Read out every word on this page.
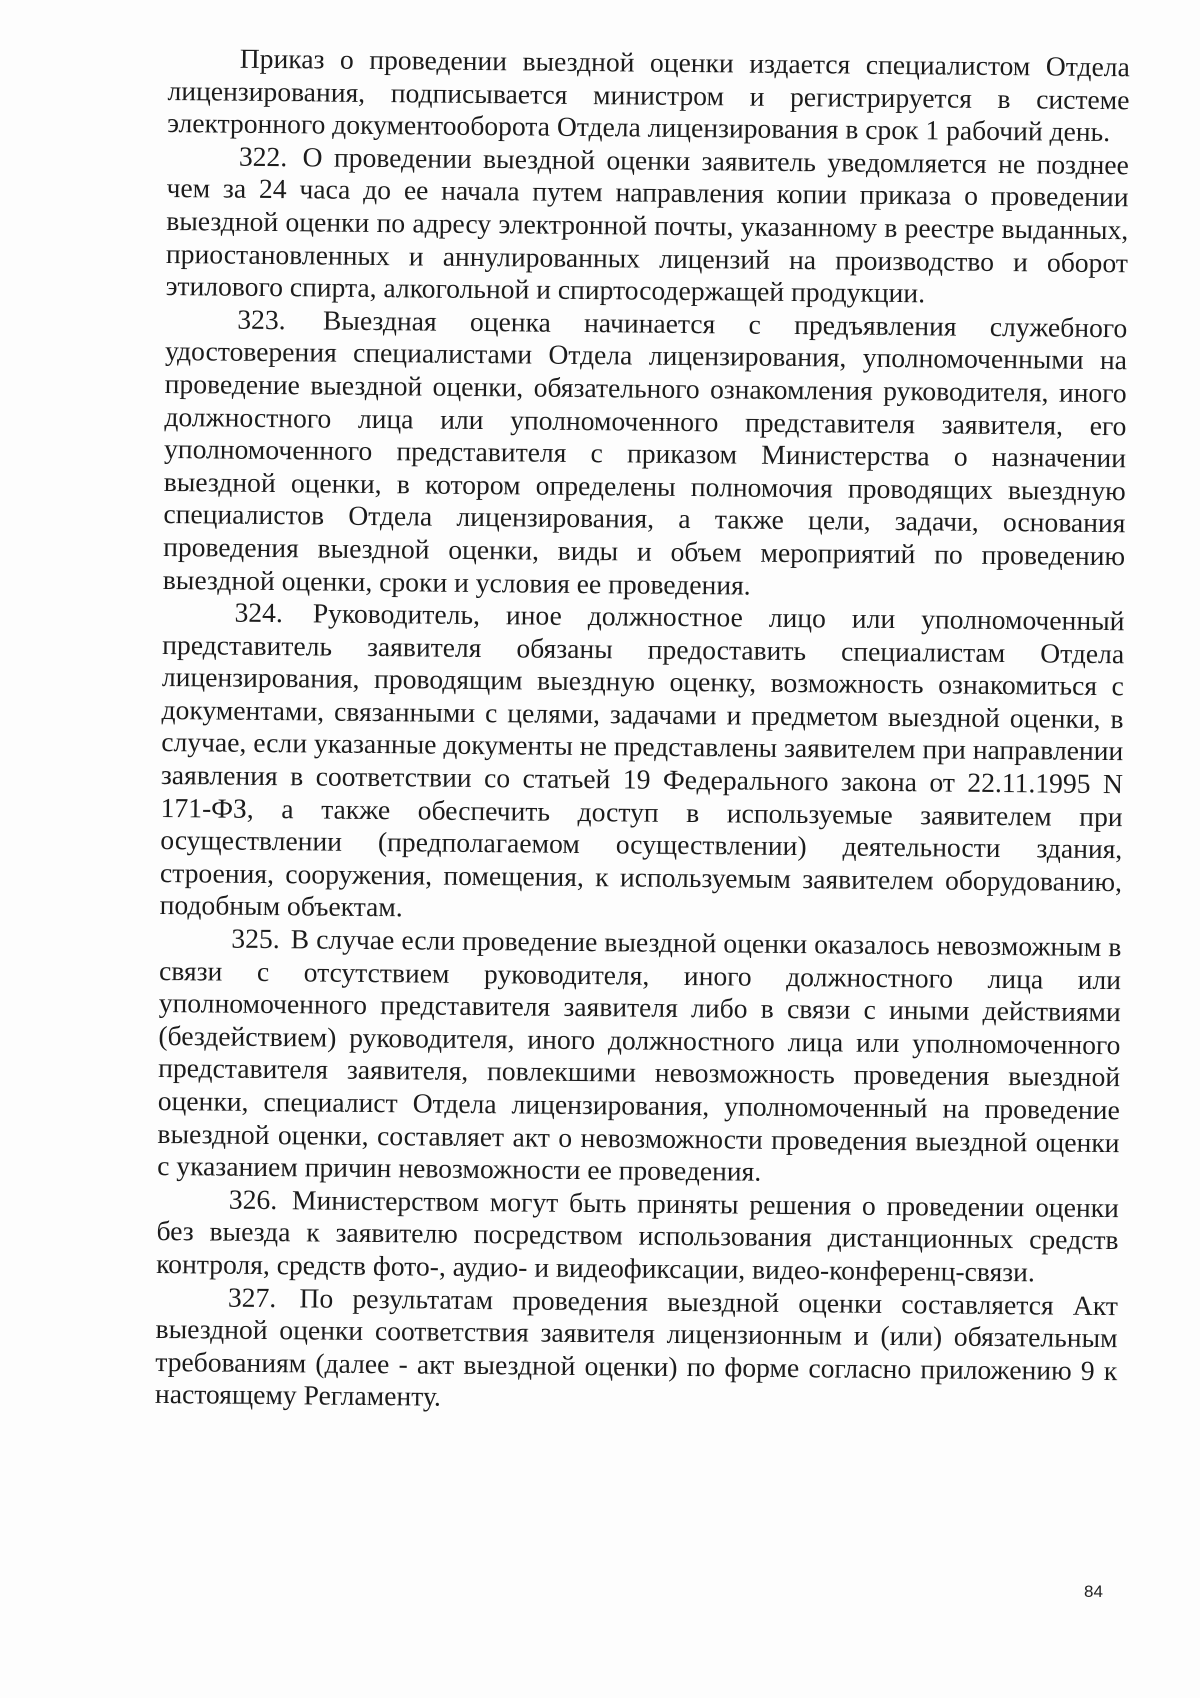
Приказ о проведении выездной оценки издается специалистом Отдела лицензирования, подписывается министром и регистрируется в системе электронного документооборота Отдела лицензирования в срок 1 рабочий день.

322. О проведении выездной оценки заявитель уведомляется не позднее чем за 24 часа до ее начала путем направления копии приказа о проведении выездной оценки по адресу электронной почты, указанному в реестре выданных, приостановленных и аннулированных лицензий на производство и оборот этилового спирта, алкогольной и спиртосодержащей продукции.

323. Выездная оценка начинается с предъявления служебного удостоверения специалистами Отдела лицензирования, уполномоченными на проведение выездной оценки, обязательного ознакомления руководителя, иного должностного лица или уполномоченного представителя заявителя, его уполномоченного представителя с приказом Министерства о назначении выездной оценки, в котором определены полномочия проводящих выездную специалистов Отдела лицензирования, а также цели, задачи, основания проведения выездной оценки, виды и объем мероприятий по проведению выездной оценки, сроки и условия ее проведения.

324. Руководитель, иное должностное лицо или уполномоченный представитель заявителя обязаны предоставить специалистам Отдела лицензирования, проводящим выездную оценку, возможность ознакомиться с документами, связанными с целями, задачами и предметом выездной оценки, в случае, если указанные документы не представлены заявителем при направлении заявления в соответствии со статьей 19 Федерального закона от 22.11.1995 N 171-ФЗ, а также обеспечить доступ в используемые заявителем при осуществлении (предполагаемом осуществлении) деятельности здания, строения, сооружения, помещения, к используемым заявителем оборудованию, подобным объектам.

325. В случае если проведение выездной оценки оказалось невозможным в связи с отсутствием руководителя, иного должностного лица или уполномоченного представителя заявителя либо в связи с иными действиями (бездействием) руководителя, иного должностного лица или уполномоченного представителя заявителя, повлекшими невозможность проведения выездной оценки, специалист Отдела лицензирования, уполномоченный на проведение выездной оценки, составляет акт о невозможности проведения выездной оценки с указанием причин невозможности ее проведения.

326. Министерством могут быть приняты решения о проведении оценки без выезда к заявителю посредством использования дистанционных средств контроля, средств фото-, аудио- и видеофиксации, видео-конференц-связи.

327. По результатам проведения выездной оценки составляется Акт выездной оценки соответствия заявителя лицензионным и (или) обязательным требованиям (далее - акт выездной оценки) по форме согласно приложению 9 к настоящему Регламенту.

84
